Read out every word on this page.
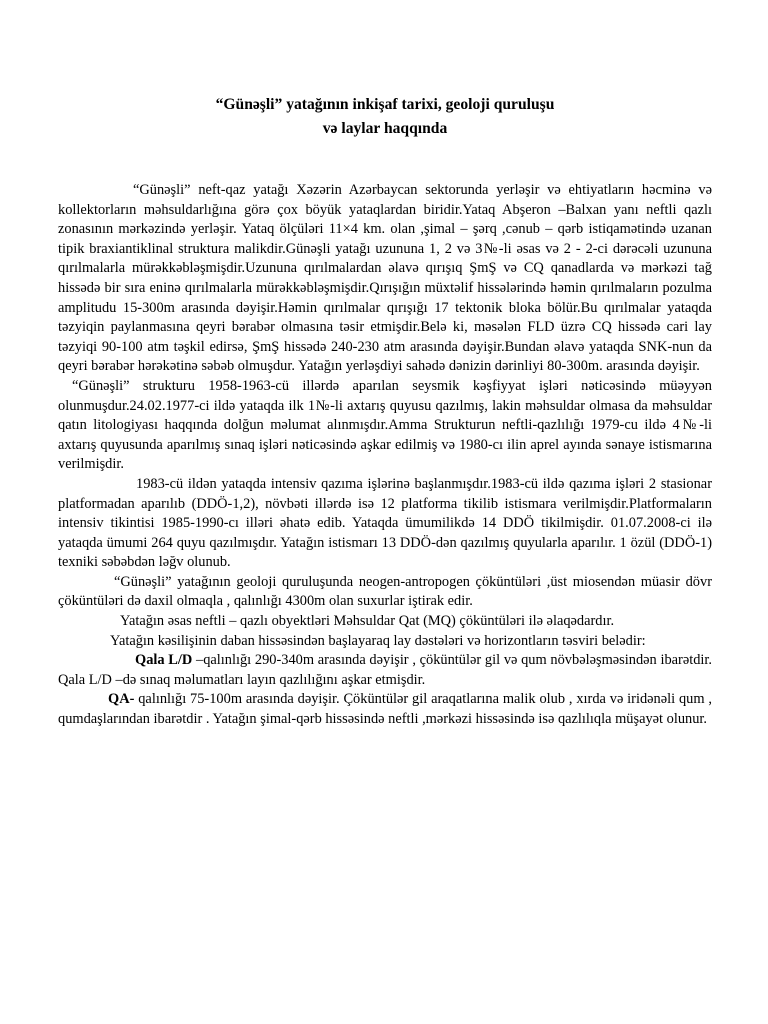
“Günəşli” yatağının inkişaf tarixi, geoloji quruluşu
və laylar haqqında

“Günəşli” neft-qaz yatağı Xəzərin Azərbaycan sektorunda yerləşir və ehtiyatların həcminə və kollektorların məhsuldarlığına görə çox böyük yataqlardan biridir.Yataq Abşeron –Balxan yanı neftli qazlı zonasının mərkəzində yerləşir. Yataq ölçüləri 11×4 km. olan ,şimal – şərq ,cənub – qərb istiqamətində uzanan tipik braxiantiklinal struktura malikdir.Günəşli yatağı uzununa 1, 2 və 3№-li əsas və 2 - 2-ci dərəcəli uzununa qırılmalarla mürəkkəbləşmişdir.Uzununa qırılmalardan əlavə qırışıq ŞmŞ və CQ qanadlarda və mərkəzi tağ hissədə bir sıra eninə qırılmalarla mürəkkəbləşmişdir.Qırışığın müxtəlif hissələrində həmin qırılmaların pozulma amplitudu 15-300m arasında dəyişir.Həmin qırılmalar qırışığı 17 tektonik bloka bölür.Bu qırılmalar yataqda təzyiqin paylanmasına qeyri bərabər olmasına təsir etmişdir.Belə ki, məsələn FLD üzrə CQ hissədə cari lay təzyiqi 90-100 atm təşkil edirsə, ŞmŞ hissədə 240-230 atm arasında dəyişir.Bundan əlavə yataqda SNK-nun da qeyri bərabər hərəkətinə səbəb olmuşdur. Yatağın yerləşdiyi sahədə dənizin dərinliyi 80-300m. arasında dəyişir.

“Günəşli” strukturu 1958-1963-cü illərdə aparılan seysmik kəşfiyyat işləri nəticəsində müəyyən olunmuşdur.24.02.1977-ci ildə yataqda ilk 1№-li axtarış quyusu qazılmış, lakin məhsuldar olmasa da məhsuldar qatın litologiyası haqqında dolğun məlumat alınmışdır.Amma Strukturun neftli-qazlılığı 1979-cu ildə 4№-li axtarış quyusunda aparılmış sınaq işləri nəticəsində aşkar edilmiş və 1980-cı ilin aprel ayında sənaye istismarına verilmişdir.

1983-cü ildən yataqda intensiv qazıma işlərinə başlanmışdır.1983-cü ildə qazıma işləri 2 stasionar platformadan aparılıb (DDÖ-1,2), növbəti illərdə isə 12 platforma tikilib istismara verilmişdir.Platformaların intensiv tikintisi 1985-1990-cı illəri əhatə edib. Yataqda ümumilikdə 14 DDÖ tikilmişdir. 01.07.2008-ci ilə yataqda ümumi 264 quyu qazılmışdır. Yatağın istismarı 13 DDÖ-dən qazılmış quyularla aparılır. 1 özül (DDÖ-1) texniki səbəbdən ləğv olunub.

“Günəşli” yatağının geoloji quruluşunda neogen-antropogen çöküntüləri ,üst miosendən müasir dövr çöküntüləri də daxil olmaqla , qalınlığı 4300m olan suxurlar iştirak edir.

Yatağın əsas neftli – qazlı obyektləri Məhsuldar Qat (MQ) çöküntüləri ilə əlaqədardır.

Yatağın kəsilişinin daban hissəsindən başlayaraq lay dəstələri və horizontların təsviri belədir:

Qala L/D –qalınlığı 290-340m arasında dəyişir , çöküntülər gil və qum növbələşməsindən ibarətdir. Qala L/D –də sınaq məlumatları layın qazlılığını aşkar etmişdir.

QA- qalınlığı 75-100m arasında dəyişir. Çöküntülər gil araqatlarına malik olub , xırda və iridənəli qum , qumdaşlarından ibarətdir . Yatağın şimal-qərb hissəsində neftli ,mərkəzi hissəsində isə qazlılıqla müşayət olunur.
